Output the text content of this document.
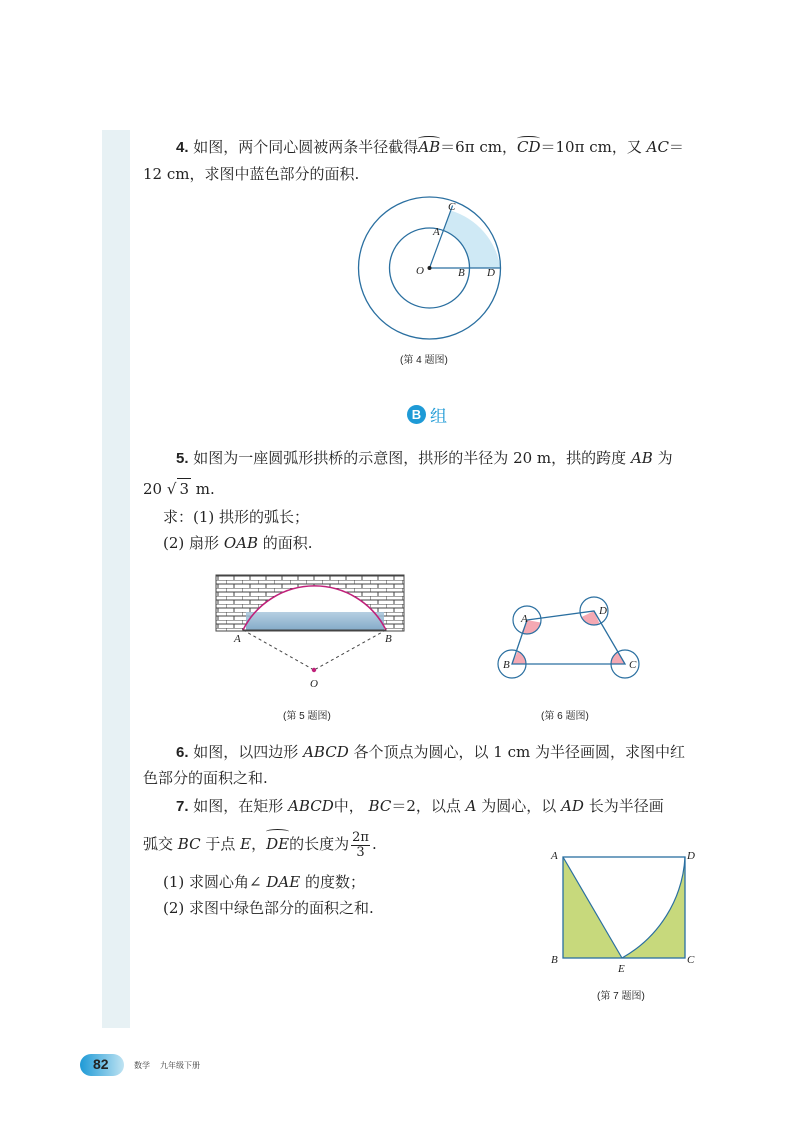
4. 如图，两个同心圆被两条半径截得AB＝6π cm，CD＝10π cm，又 AC＝
12 cm，求图中蓝色部分的面积.
C
A
O	B D
(第 4 题图)
B 组
5. 如图为一座圆弧形拱桥的示意图，拱形的半径为 20 m，拱的跨度 AB 为
20 √ 3 m.
求：(1) 拱形的弧长；
(2) 扇形 OAB 的面积.
A	B
O
(第 5 题图)
A
D
B	C
(第 6 题图)
6. 如图，以四边形 ABCD 各个顶点为圆心，以 1 cm 为半径画圆，求图中红
色部分的面积之和.
7. 如图，在矩形 ABCD中， BC＝2，以点 A 为圆心，以 AD 长为半径画
弧交 BC 于点 E，DE的长度为 $\frac{2\pi}{3}$ .
(1) 求圆心角∠ DAE 的度数；
(2) 求图中绿色部分的面积之和.
A	D
B	C
E
(第 7 题图)
82	数学 九年级下册
